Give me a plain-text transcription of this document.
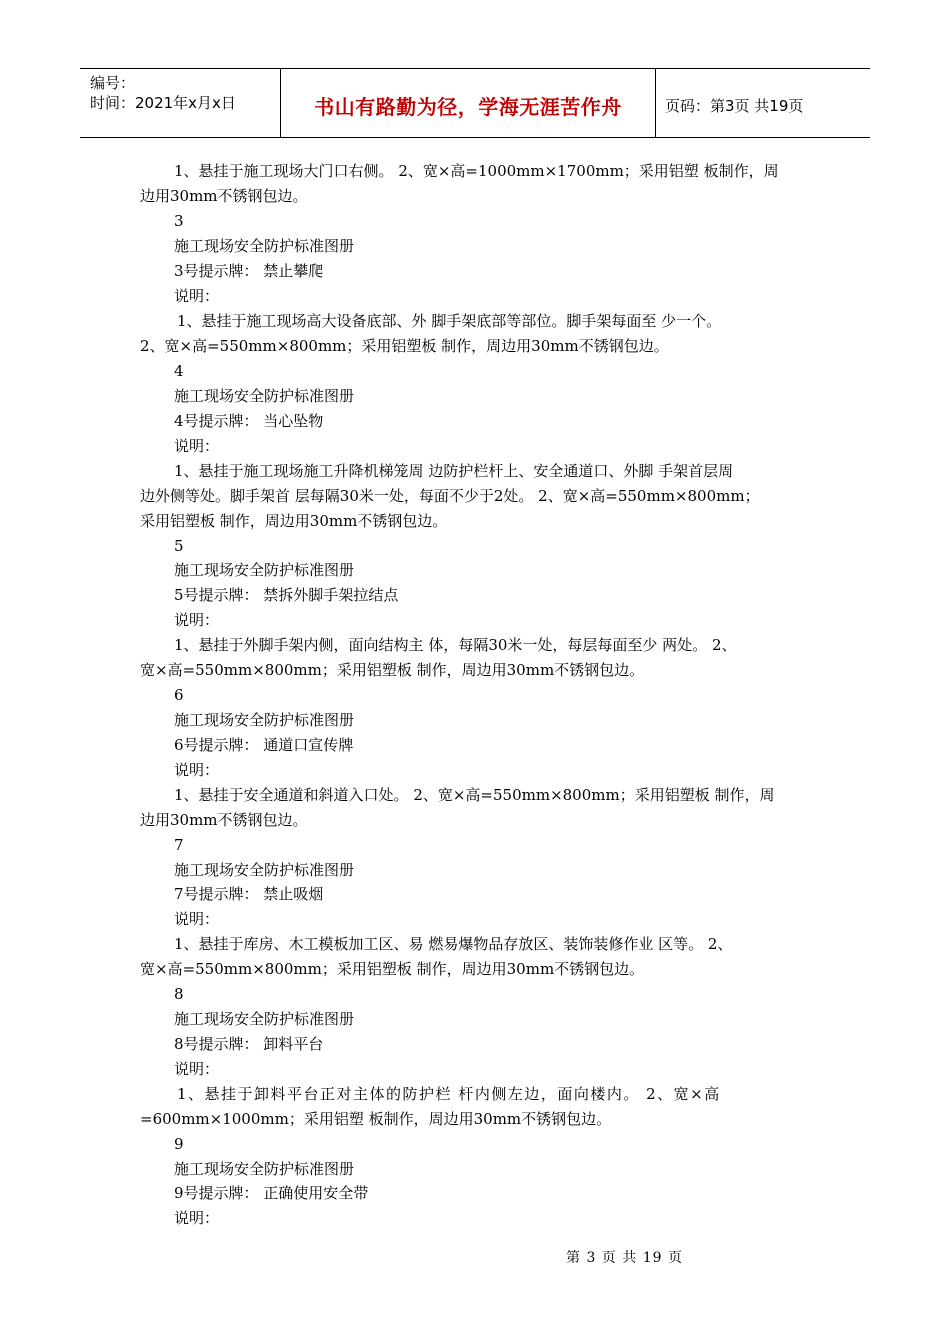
编号：
时间：2021年x月x日	书山有路勤为径，学海无涯苦作舟	页码：第3页 共19页
1、悬挂于施工现场大门口右侧。 2、宽×高=1000mm×1700mm；采用铝塑 板制作，周
边用30mm不锈钢包边。
3
施工现场安全防护标准图册
3号提示牌： 禁止攀爬
说明：
1、悬挂于施工现场高大设备底部、外 脚手架底部等部位。脚手架每面至 少一个。
2、宽×高=550mm×800mm；采用铝塑板 制作，周边用30mm不锈钢包边。
4
施工现场安全防护标准图册
4号提示牌： 当心坠物
说明：
1、悬挂于施工现场施工升降机梯笼周 边防护栏杆上、安全通道口、外脚 手架首层周
边外侧等处。脚手架首 层每隔30米一处，每面不少于2处。 2、宽×高=550mm×800mm；
采用铝塑板 制作，周边用30mm不锈钢包边。
5
施工现场安全防护标准图册
5号提示牌： 禁拆外脚手架拉结点
说明：
1、悬挂于外脚手架内侧，面向结构主 体，每隔30米一处，每层每面至少 两处。 2、
宽×高=550mm×800mm；采用铝塑板 制作，周边用30mm不锈钢包边。
6
施工现场安全防护标准图册
6号提示牌： 通道口宣传牌
说明：
1、悬挂于安全通道和斜道入口处。 2、宽×高=550mm×800mm；采用铝塑板 制作，周
边用30mm不锈钢包边。
7
施工现场安全防护标准图册
7号提示牌： 禁止吸烟
说明：
1、悬挂于库房、木工模板加工区、易 燃易爆物品存放区、装饰装修作业 区等。 2、
宽×高=550mm×800mm；采用铝塑板 制作，周边用30mm不锈钢包边。
8
施工现场安全防护标准图册
8号提示牌： 卸料平台
说明：
1、悬挂于卸料平台正对主体的防护栏 杆内侧左边，面向楼内。 2、宽×高
=600mm×1000mm；采用铝塑 板制作，周边用30mm不锈钢包边。
9
施工现场安全防护标准图册
9号提示牌： 正确使用安全带
说明：
第 3 页 共 19 页
